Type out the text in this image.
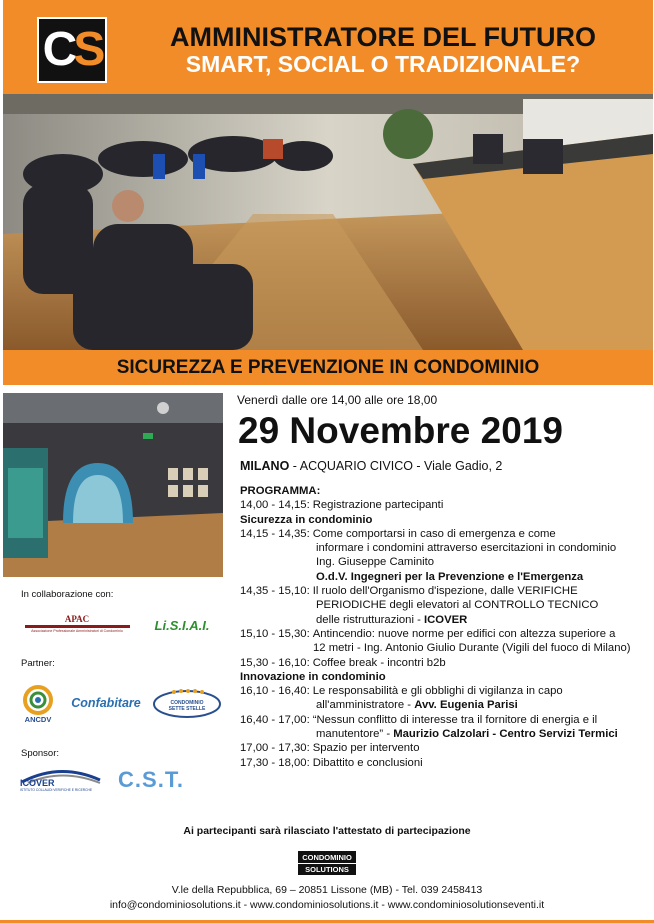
CS	AMMINISTRATORE DEL FUTURO
SMART, SOCIAL O TRADIZIONALE?
SICUREZZA E PREVENZIONE IN CONDOMINIO
Venerdì dalle ore 14,00 alle ore 18,00
29 Novembre 2019
MILANO - ACQUARIO CIVICO - Viale Gadio, 2
PROGRAMMA:
14,00 - 14,15: Registrazione partecipanti
Sicurezza in condominio
14,15 - 14,35: Come comportarsi in caso di emergenza e come
informare i condomini attraverso esercitazioni in condominio
Ing. Giuseppe Caminito
O.d.V. Ingegneri per la Prevenzione e l'Emergenza
14,35 - 15,10: Il ruolo dell'Organismo d'ispezione, dalle VERIFICHE
PERIODICHE degli elevatori al CONTROLLO TECNICO
delle ristrutturazioni - ICOVER
15,10 - 15,30: Antincendio: nuove norme per edifici con altezza superiore a
12 metri - Ing. Antonio Giulio Durante (Vigili del fuoco di Milano)
15,30 - 16,10: Coffee break - incontri b2b
Innovazione in condominio
16,10 - 16,40: Le responsabilità e gli obblighi di vigilanza in capo
all'amministratore - Avv. Eugenia Parisi
16,40 - 17,00: “Nessun conflitto di interesse tra il fornitore di energia e il
manutentore” - Maurizio Calzolari - Centro Servizi Termici
17,00 - 17,30: Spazio per intervento
17,30 - 18,00: Dibattito e conclusioni
In collaborazione con:
APAC
Associazione Professionale Amministratori di Condominio Li.S.I.A.I.
Partner:
ANCDV
Confabitare	CONDOMINIO SETTE STELLE
Sponsor:
ICOVER
ISTITUTO COLLAUDI VERIFICHE E RICERCHE C.S.T.
Ai partecipanti sarà rilasciato l'attestato di partecipazione
CONDOMINIO
SOLUTIONS
V.le della Repubblica, 69 – 20851 Lissone (MB) - Tel. 039 2458413
info@condominiosolutions.it - www.condominiosolutions.it - www.condominiosolutionseventi.it
